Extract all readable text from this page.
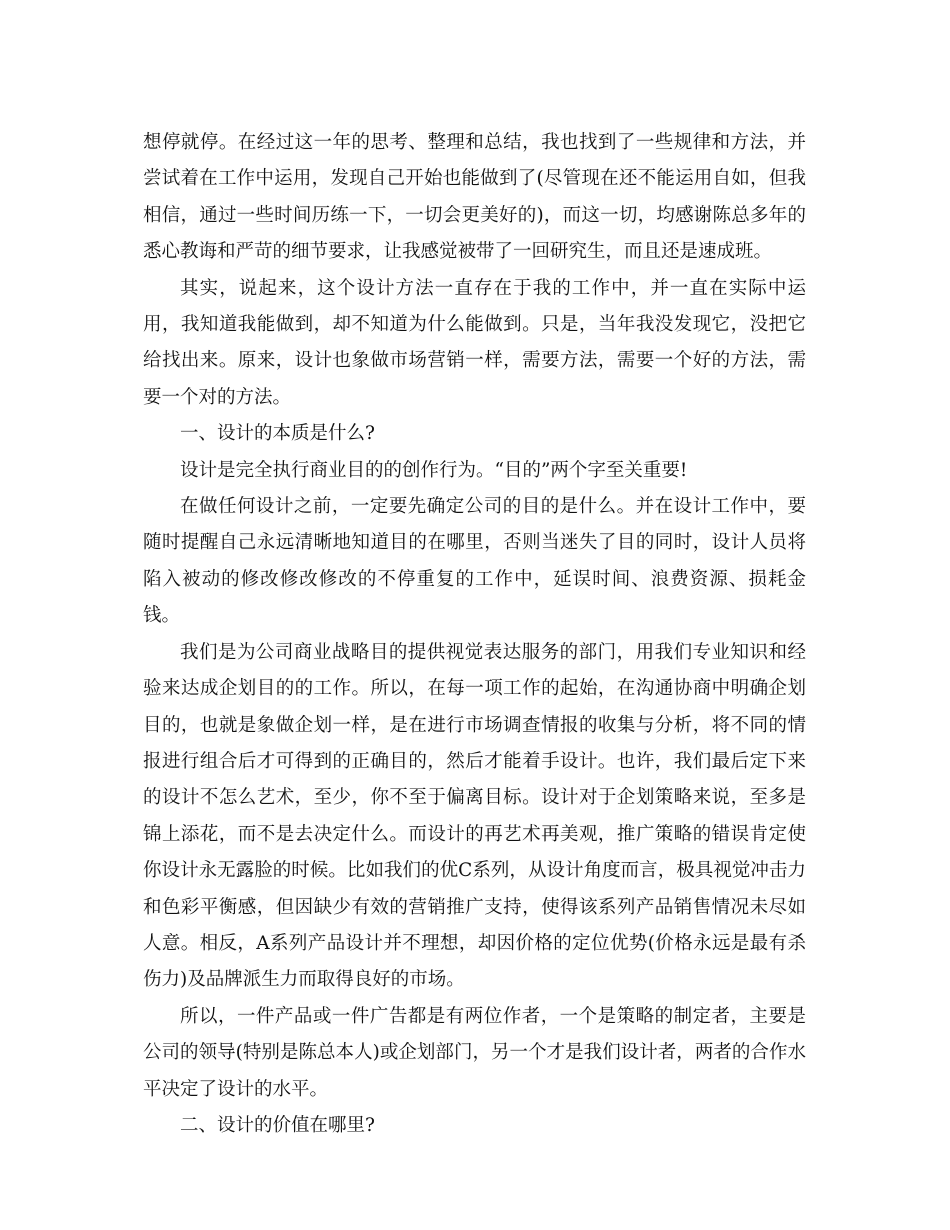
想停就停。在经过这一年的思考、整理和总结，我也找到了一些规律和方法，并尝试着在工作中运用，发现自己开始也能做到了(尽管现在还不能运用自如，但我相信，通过一些时间历练一下，一切会更美好的)，而这一切，均感谢陈总多年的悉心教诲和严苛的细节要求，让我感觉被带了一回研究生，而且还是速成班。

其实，说起来，这个设计方法一直存在于我的工作中，并一直在实际中运用，我知道我能做到，却不知道为什么能做到。只是，当年我没发现它，没把它给找出来。原来，设计也象做市场营销一样，需要方法，需要一个好的方法，需要一个对的方法。

一、设计的本质是什么?

设计是完全执行商业目的的创作行为。“目的”两个字至关重要!

在做任何设计之前，一定要先确定公司的目的是什么。并在设计工作中，要随时提醒自己永远清晰地知道目的在哪里，否则当迷失了目的同时，设计人员将陷入被动的修改修改修改的不停重复的工作中，延误时间、浪费资源、损耗金钱。

我们是为公司商业战略目的提供视觉表达服务的部门，用我们专业知识和经验来达成企划目的的工作。所以，在每一项工作的起始，在沟通协商中明确企划目的，也就是象做企划一样，是在进行市场调查情报的收集与分析，将不同的情报进行组合后才可得到的正确目的，然后才能着手设计。也许，我们最后定下来的设计不怎么艺术，至少，你不至于偏离目标。设计对于企划策略来说，至多是锦上添花，而不是去决定什么。而设计的再艺术再美观，推广策略的错误肯定使你设计永无露脸的时候。比如我们的优C系列，从设计角度而言，极具视觉冲击力和色彩平衡感，但因缺少有效的营销推广支持，使得该系列产品销售情况未尽如人意。相反，A系列产品设计并不理想，却因价格的定位优势(价格永远是最有杀伤力)及品牌派生力而取得良好的市场。

所以，一件产品或一件广告都是有两位作者，一个是策略的制定者，主要是公司的领导(特别是陈总本人)或企划部门，另一个才是我们设计者，两者的合作水平决定了设计的水平。

二、设计的价值在哪里?
